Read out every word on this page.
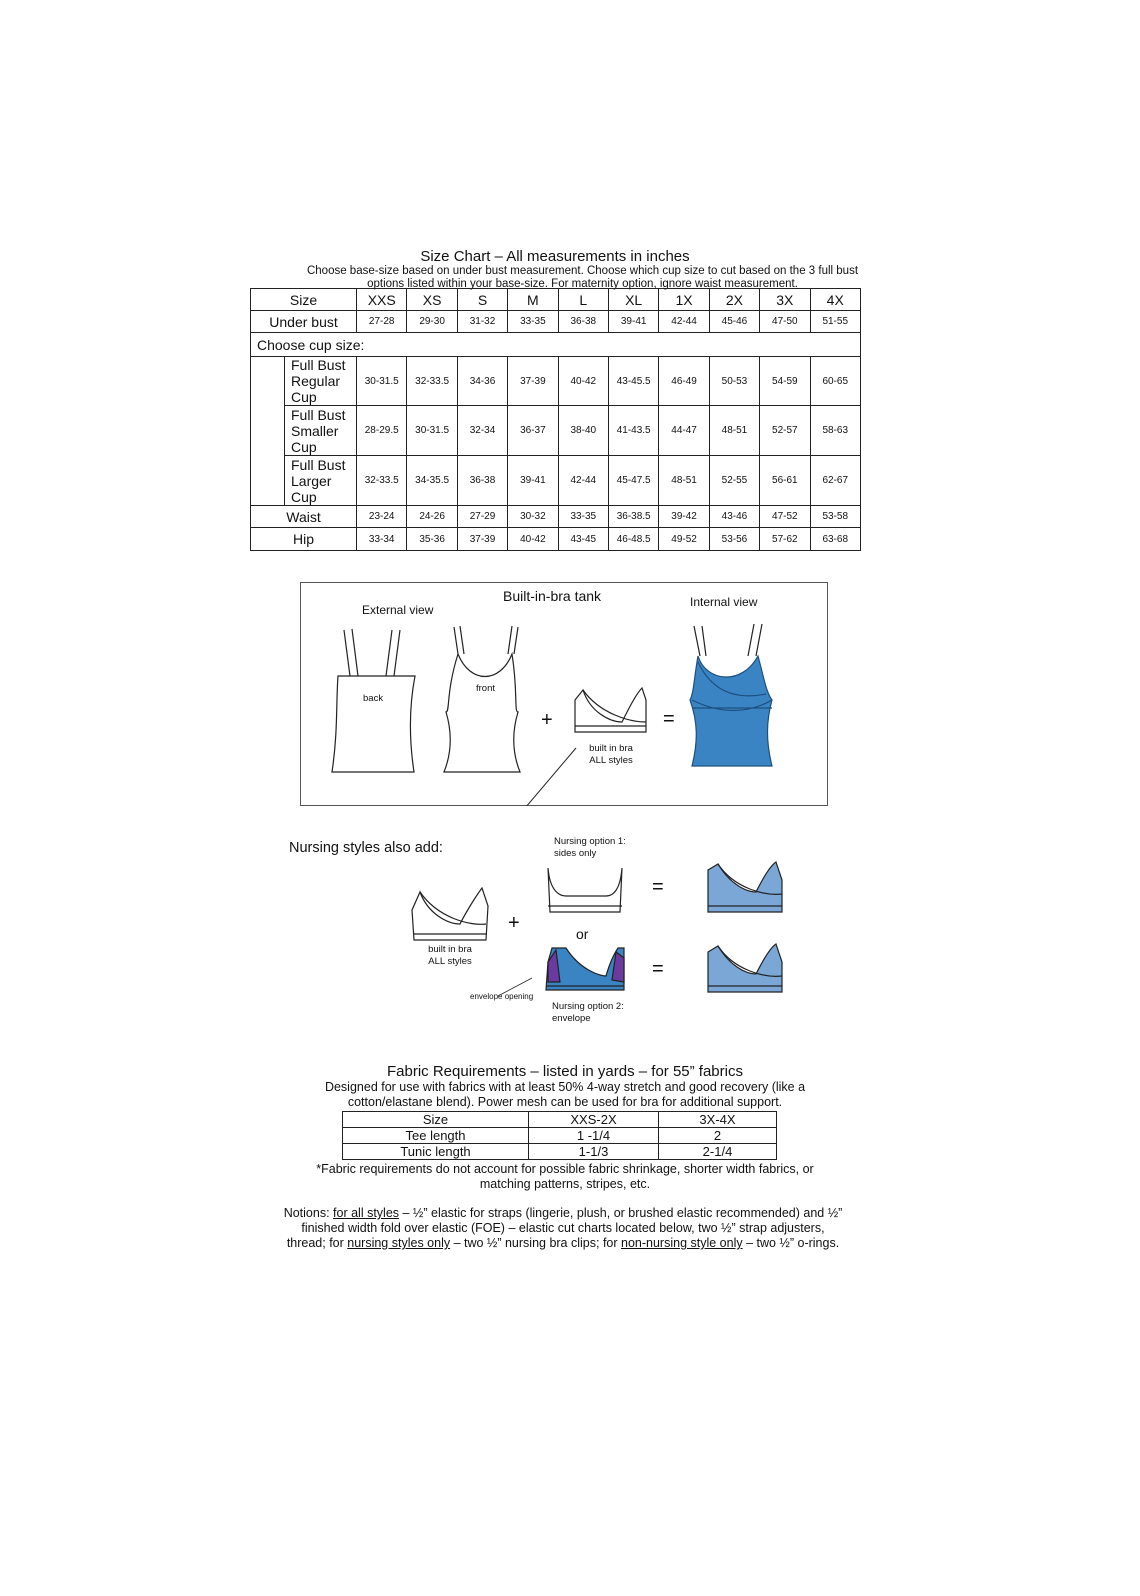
Size Chart – All measurements in inches
Choose base-size based on under bust measurement. Choose which cup size to cut based on the 3 full bust options listed within your base-size. For maternity option, ignore waist measurement.
Size		XXS	XS	S	M	L	XL	1X	2X	3X	4X
Under bust		27-28	29-30	31-32	33-35	36-38	39-41	42-44	45-46	47-50	51-55
Choose cup size:											
	Full Bust Regular Cup	30-31.5	32-33.5	34-36	37-39	40-42	43-45.5	46-49	50-53	54-59	60-65
	Full Bust Smaller Cup	28-29.5	30-31.5	32-34	36-37	38-40	41-43.5	44-47	48-51	52-57	58-63
	Full Bust Larger Cup	32-33.5	34-35.5	36-38	39-41	42-44	45-47.5	48-51	52-55	56-61	62-67
Waist		23-24	24-26	27-29	30-32	33-35	36-38.5	39-42	43-46	47-52	53-58
Hip		33-34	35-36	37-39	40-42	43-45	46-48.5	49-52	53-56	57-62	63-68
Built-in-bra tank
External view
Internal view
back
front
+	=
built in bra
ALL styles
Nursing styles also add:	Nursing option 1:
sides only
or
Nursing option 2:
envelope
envelope opening
built in bra
ALL styles
+
=
=
Fabric Requirements – listed in yards – for 55” fabrics
Designed for use with fabrics with at least 50% 4-way stretch and good recovery (like a cotton/elastane blend). Power mesh can be used for bra for additional support.
Size	XXS-2X	3X-4X
Tee length	1 -1/4	2
Tunic length	1-1/3	2-1/4
*Fabric requirements do not account for possible fabric shrinkage, shorter width fabrics, or matching patterns, stripes, etc.
Notions: for all styles – ½” elastic for straps (lingerie, plush, or brushed elastic recommended) and ½” finished width fold over elastic (FOE) – elastic cut charts located below, two ½” strap adjusters, thread; for nursing styles only – two ½” nursing bra clips; for non-nursing style only – two ½” o-rings.
